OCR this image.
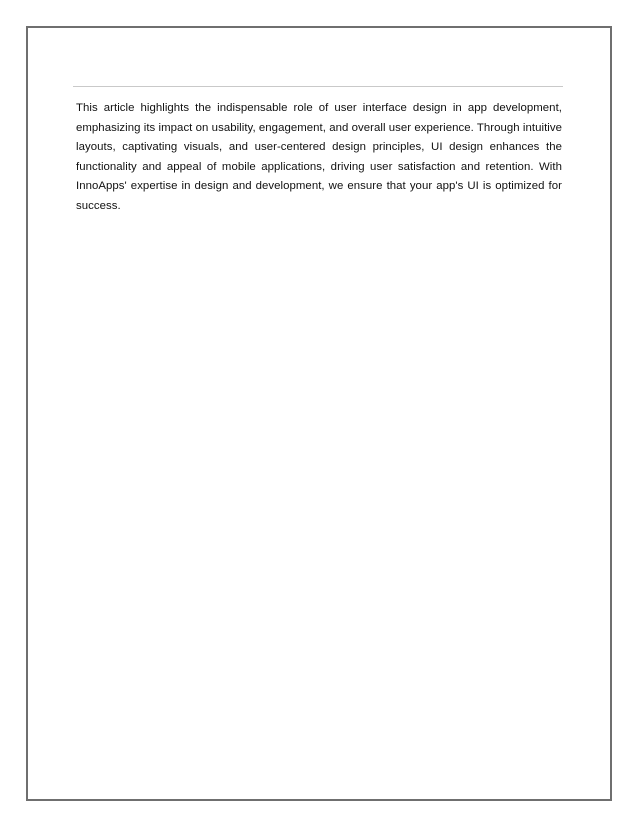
This article highlights the indispensable role of user interface design in app development, emphasizing its impact on usability, engagement, and overall user experience. Through intuitive layouts, captivating visuals, and user-centered design principles, UI design enhances the functionality and appeal of mobile applications, driving user satisfaction and retention. With InnoApps' expertise in design and development, we ensure that your app's UI is optimized for success.
